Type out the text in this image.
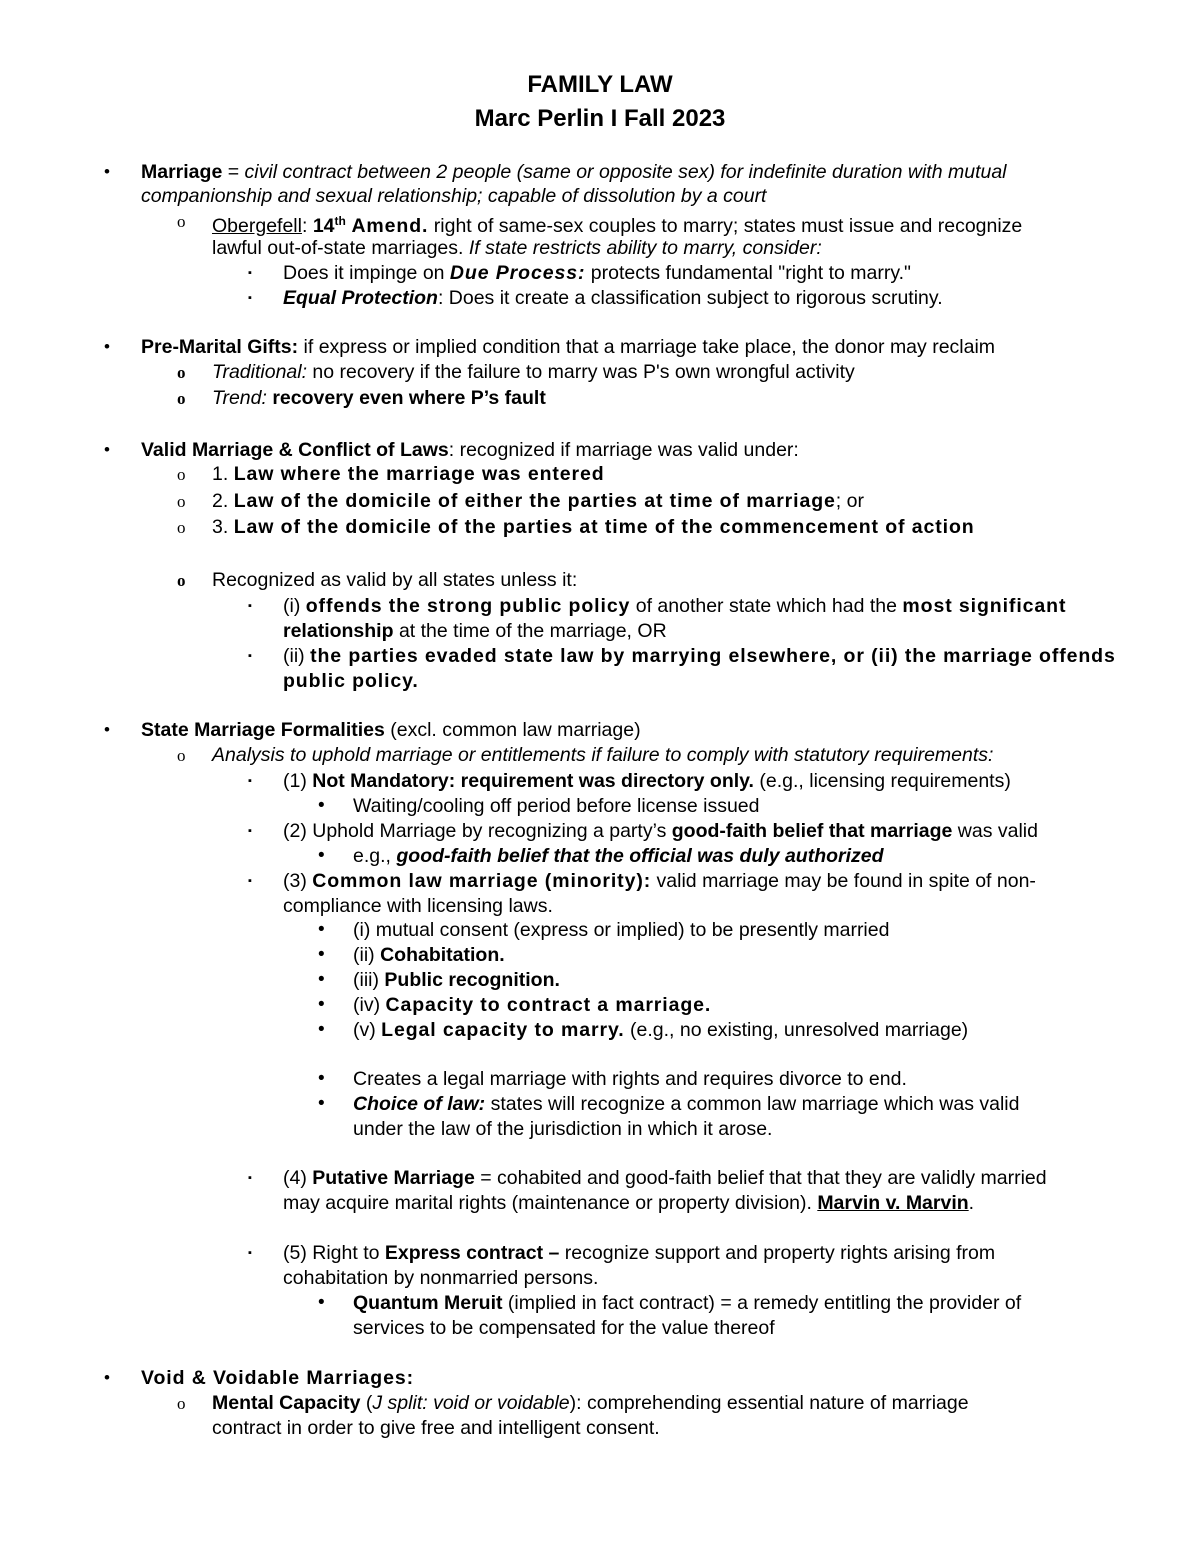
FAMILY LAW
Marc Perlin I Fall 2023
• Marriage = civil contract between 2 people (same or opposite sex) for indefinite duration with mutual
companionship and sexual relationship; capable of dissolution by a court
o Obergefell: 14th Amend. right of same-sex couples to marry; states must issue and recognize
lawful out-of-state marriages. If state restricts ability to marry, consider:
▪ Does it impinge on Due Process: protects fundamental "right to marry."
▪ Equal Protection: Does it create a classification subject to rigorous scrutiny.
• Pre-Marital Gifts: if express or implied condition that a marriage take place, the donor may reclaim
o Traditional: no recovery if the failure to marry was P's own wrongful activity
o Trend: recovery even where P’s fault
• Valid Marriage & Conflict of Laws: recognized if marriage was valid under:
o 1. Law where the marriage was entered
o 2. Law of the domicile of either the parties at time of marriage; or
o 3. Law of the domicile of the parties at time of the commencement of action
o Recognized as valid by all states unless it:
▪ (i) offends the strong public policy of another state which had the most significant
relationship at the time of the marriage, OR
▪ (ii) the parties evaded state law by marrying elsewhere, or (ii) the marriage offends
public policy.
• State Marriage Formalities (excl. common law marriage)
o Analysis to uphold marriage or entitlements if failure to comply with statutory requirements:
▪ (1) Not Mandatory: requirement was directory only. (e.g., licensing requirements)
• Waiting/cooling off period before license issued
▪ (2) Uphold Marriage by recognizing a party’s good-faith belief that marriage was valid
• e.g., good-faith belief that the official was duly authorized
▪ (3) Common law marriage (minority): valid marriage may be found in spite of non-
compliance with licensing laws.
• (i) mutual consent (express or implied) to be presently married
• (ii) Cohabitation.
• (iii) Public recognition.
• (iv) Capacity to contract a marriage.
• (v) Legal capacity to marry. (e.g., no existing, unresolved marriage)
• Creates a legal marriage with rights and requires divorce to end.
• Choice of law: states will recognize a common law marriage which was valid
under the law of the jurisdiction in which it arose.
▪ (4) Putative Marriage = cohabited and good-faith belief that that they are validly married
may acquire marital rights (maintenance or property division). Marvin v. Marvin.
▪ (5) Right to Express contract – recognize support and property rights arising from
cohabitation by nonmarried persons.
• Quantum Meruit (implied in fact contract) = a remedy entitling the provider of
services to be compensated for the value thereof
• Void & Voidable Marriages:
o Mental Capacity (J split: void or voidable): comprehending essential nature of marriage
contract in order to give free and intelligent consent.
